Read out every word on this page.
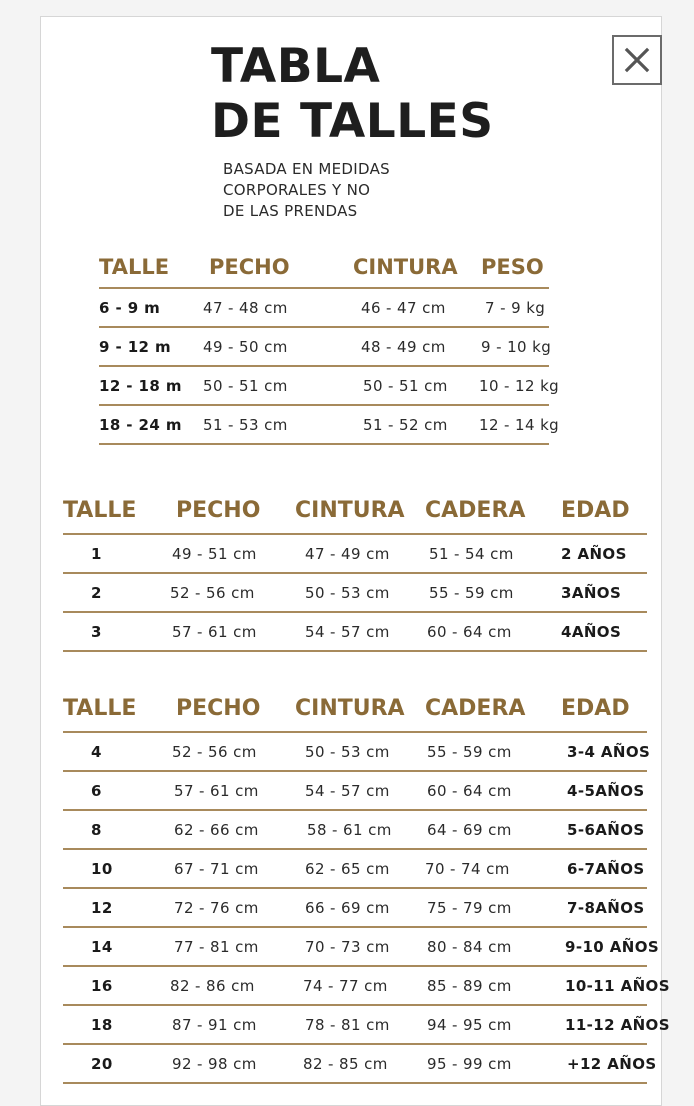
TABLA
DE TALLES

BASADA EN MEDIDAS
CORPORALES Y NO
DE LAS PRENDAS

TALLE	PECHO	CINTURA	PESO
6 - 9 m	47 - 48 cm	46 - 47 cm	7 - 9 kg
9 - 12 m	49 - 50 cm	48 - 49 cm	9 - 10 kg
12 - 18 m	50 - 51 cm	50 - 51 cm	10 - 12 kg
18 - 24 m	51 - 53 cm	51 - 52 cm	12 - 14 kg
TALLE	PECHO	CINTURA	CADERA	EDAD
1	49 - 51 cm	47 - 49 cm	51 - 54 cm	2 AÑOS
2	52 - 56 cm	50 - 53 cm	55 - 59 cm	3AÑOS
3	57 - 61 cm	54 - 57 cm	60 - 64 cm	4AÑOS
TALLE	PECHO	CINTURA	CADERA	EDAD
4	52 - 56 cm	50 - 53 cm	55 - 59 cm	3-4 AÑOS
6	57 - 61 cm	54 - 57 cm	60 - 64 cm	4-5AÑOS
8	62 - 66 cm	58 - 61 cm	64 - 69 cm	5-6AÑOS
10	67 - 71 cm	62 - 65 cm	70 - 74 cm	6-7AÑOS
12	72 - 76 cm	66 - 69 cm	75 - 79 cm	7-8AÑOS
14	77 - 81 cm	70 - 73 cm	80 - 84 cm	9-10 AÑOS
16	82 - 86 cm	74 - 77 cm	85 - 89 cm	10-11 AÑOS
18	87 - 91 cm	78 - 81 cm	94 - 95 cm	11-12 AÑOS
20	92 - 98 cm	82 - 85 cm	95 - 99 cm	+12 AÑOS
